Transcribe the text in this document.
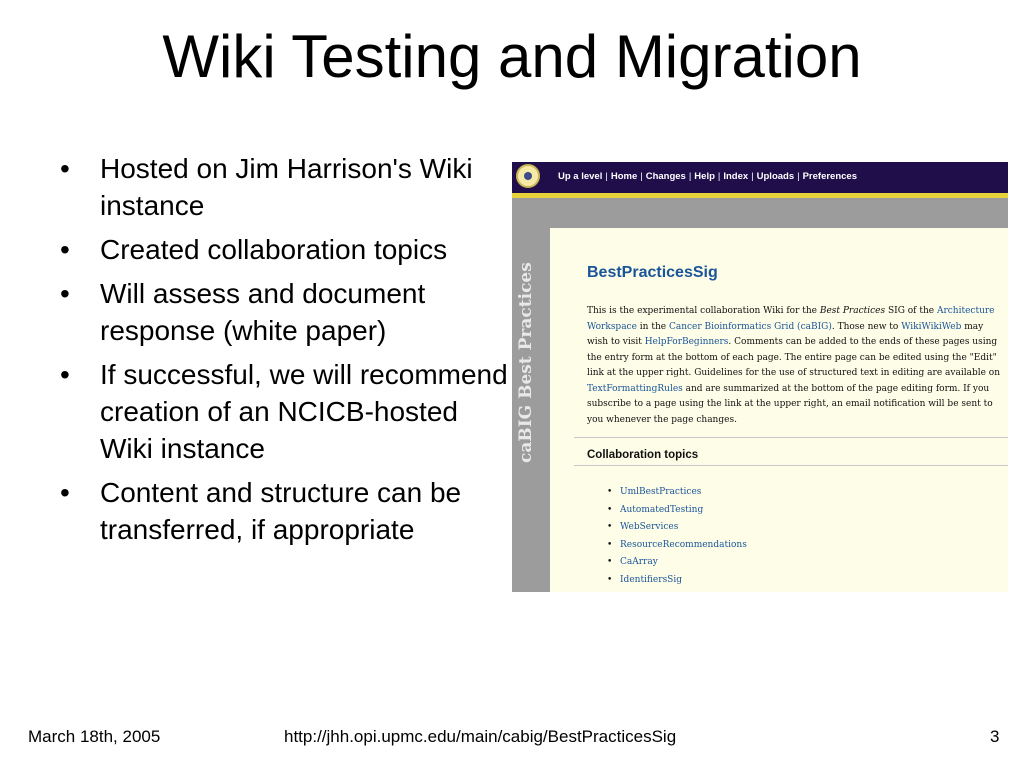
Wiki Testing and Migration
• Hosted on Jim Harrison's Wiki instance
• Created collaboration topics
• Will assess and document response (white paper)
• If successful, we will recommend creation of an NCICB-hosted Wiki instance
• Content and structure can be transferred, if appropriate
Up a level | Home | Changes | Help | Index | Uploads | Preferences
caBIG Best Practices	BestPracticesSig
This is the experimental collaboration Wiki for the Best Practices SIG of the Architecture Workspace in the Cancer Bioinformatics Grid (caBIG). Those new to WikiWikiWeb may wish to visit HelpForBeginners. Comments can be added to the ends of these pages using the entry form at the bottom of each page. The entire page can be edited using the "Edit" link at the upper right. Guidelines for the use of structured text in editing are available on TextFormattingRules and are summarized at the bottom of the page editing form. If you subscribe to a page using the link at the upper right, an email notification will be sent to you whenever the page changes.
Collaboration topics
• UmlBestPractices
• AutomatedTesting
• WebServices
• ResourceRecommendations
• CaArray
• IdentifiersSig
March 18th, 2005	http://jhh.opi.upmc.edu/main/cabig/BestPracticesSig	3
